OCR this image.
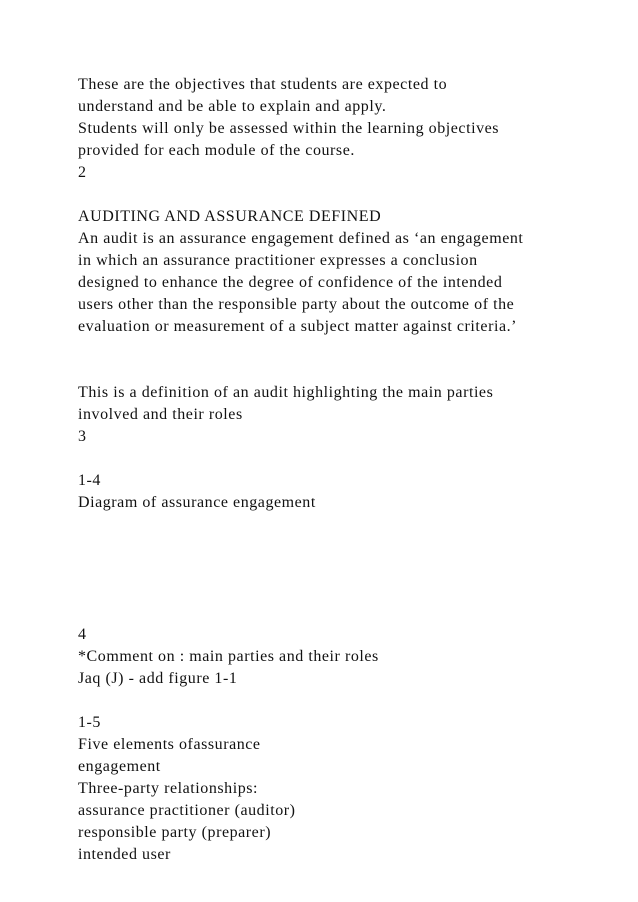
These are the objectives that students are expected to
understand and be able to explain and apply.
Students will only be assessed within the learning objectives
provided for each module of the course.
2
AUDITING AND ASSURANCE DEFINED
An audit is an assurance engagement defined as ‘an engagement
in which an assurance practitioner expresses a conclusion
designed to enhance the degree of confidence of the intended
users other than the responsible party about the outcome of the
evaluation or measurement of a subject matter against criteria.’
This is a definition of an audit highlighting the main parties
involved and their roles
3
1-4
Diagram of assurance engagement
4
*Comment on : main parties and their roles
Jaq (J) - add figure 1-1
1-5
Five elements ofassurance
engagement
Three-party relationships:
assurance practitioner (auditor)
responsible party (preparer)
intended user
